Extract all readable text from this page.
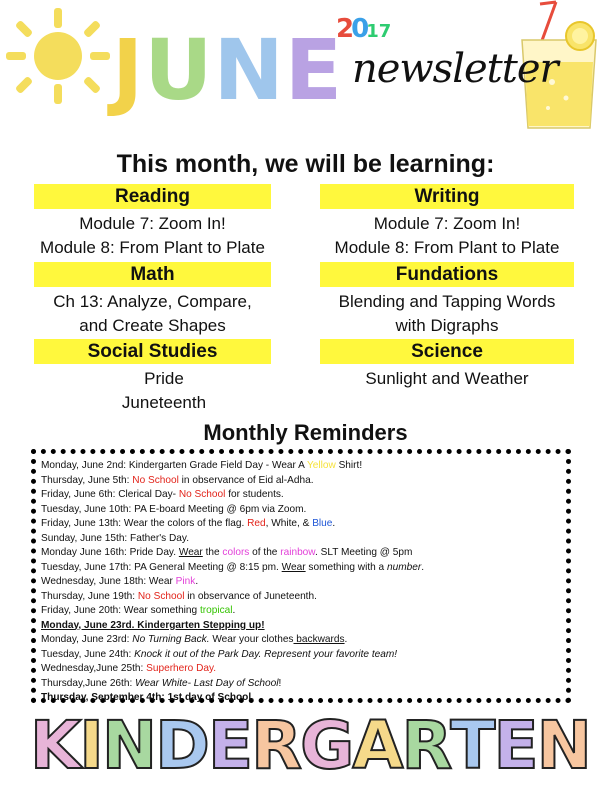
J U N E
2017
newsletter
This month, we will be learning:
Reading	Writing
Module 7: Zoom In!
Module 8: From Plant to Plate
Module 7: Zoom In!
Module 8: From Plant to Plate
Math	Fundations
Ch 13: Analyze, Compare,
and Create Shapes
Blending and Tapping Words
with Digraphs
Social Studies	Science
Pride
Juneteenth
Sunlight and Weather
Monthly Reminders
Monday, June 2nd: Kindergarten Grade Field Day - Wear A Yellow Shirt!
Thursday, June 5th: No School in observance of Eid al-Adha.
Friday, June 6th: Clerical Day- No School for students.
Tuesday, June 10th: PA E-board Meeting @ 6pm via Zoom.
Friday, June 13th: Wear the colors of the flag. Red, White, & Blue.
Sunday, June 15th: Father's Day.
Monday June 16th: Pride Day. Wear the colors of the rainbow. SLT Meeting @ 5pm
Tuesday, June 17th: PA General Meeting @ 8:15 pm. Wear something with a number.
Wednesday, June 18th: Wear Pink.
Thursday, June 19th: No School in observance of Juneteenth.
Friday, June 20th: Wear something tropical.
Monday, June 23rd. Kindergarten Stepping up!
Monday, June 23rd: No Turning Back. Wear your clothes backwards.
Tuesday, June 24th: Knock it out of the Park Day. Represent your favorite team!
Wednesday,June 25th: Superhero Day.
Thursday,June 26th: Wear White- Last Day of School!
Thursday, September 4th: 1st day of School.
K I N D E R G A R T E N
